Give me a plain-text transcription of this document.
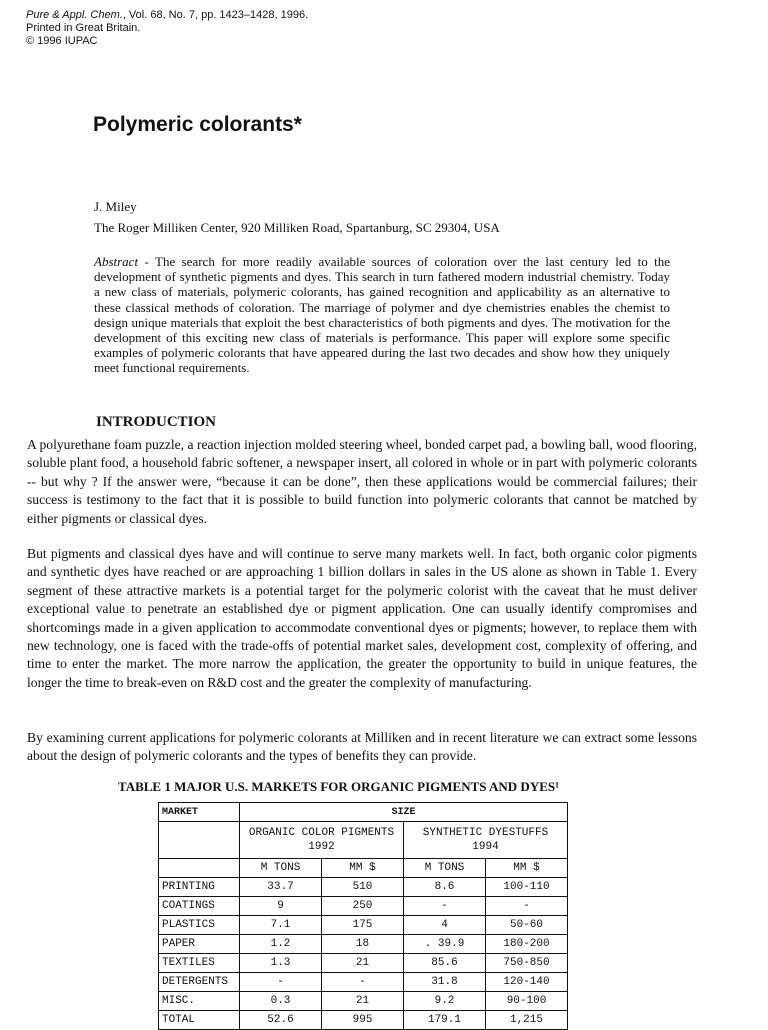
Pure & Appl. Chem., Vol. 68, No. 7, pp. 1423–1428, 1996.
Printed in Great Britain.
© 1996 IUPAC
Polymeric colorants*
J. Miley
The Roger Milliken Center, 920 Milliken Road, Spartanburg, SC 29304, USA

Abstract - The search for more readily available sources of coloration over the last century led to the development of synthetic pigments and dyes. This search in turn fathered modern industrial chemistry. Today a new class of materials, polymeric colorants, has gained recognition and applicability as an alternative to these classical methods of coloration. The marriage of polymer and dye chemistries enables the chemist to design unique materials that exploit the best characteristics of both pigments and dyes. The motivation for the development of this exciting new class of materials is performance. This paper will explore some specific examples of polymeric colorants that have appeared during the last two decades and show how they uniquely meet functional requirements.

INTRODUCTION

A polyurethane foam puzzle, a reaction injection molded steering wheel, bonded carpet pad, a bowling ball, wood flooring, soluble plant food, a household fabric softener, a newspaper insert, all colored in whole or in part with polymeric colorants -- but why ? If the answer were, “because it can be done”, then these applications would be commercial failures; their success is testimony to the fact that it is possible to build function into polymeric colorants that cannot be matched by either pigments or classical dyes.

But pigments and classical dyes have and will continue to serve many markets well. In fact, both organic color pigments and synthetic dyes have reached or are approaching 1 billion dollars in sales in the US alone as shown in Table 1. Every segment of these attractive markets is a potential target for the polymeric colorist with the caveat that he must deliver exceptional value to penetrate an established dye or pigment application. One can usually identify compromises and shortcomings made in a given application to accommodate conventional dyes or pigments; however, to replace them with new technology, one is faced with the trade-offs of potential market sales, development cost, complexity of offering, and time to enter the market. The more narrow the application, the greater the opportunity to build in unique features, the longer the time to break-even on R&D cost and the greater the complexity of manufacturing.

By examining current applications for polymeric colorants at Milliken and in recent literature we can extract some lessons about the design of polymeric colorants and the types of benefits they can provide.

TABLE 1 MAJOR U.S. MARKETS FOR ORGANIC PIGMENTS AND DYES¹
MARKET	SIZE			
	ORGANIC COLOR PIGMENTS 1992		SYNTHETIC DYESTUFFS 1994	
	M TONS	MM $	M TONS	MM $
PRINTING	33.7	510	8.6	100-110
COATINGS	9	250	-	-
PLASTICS	7.1	175	4	50-60
PAPER	1.2	18	. 39.9	180-200
TEXTILES	1.3	21	85.6	750-850
DETERGENTS	-	-	31.8	120-140
MISC.	0.3	21	9.2	90-100
TOTAL	52.6	995	179.1	1,215
